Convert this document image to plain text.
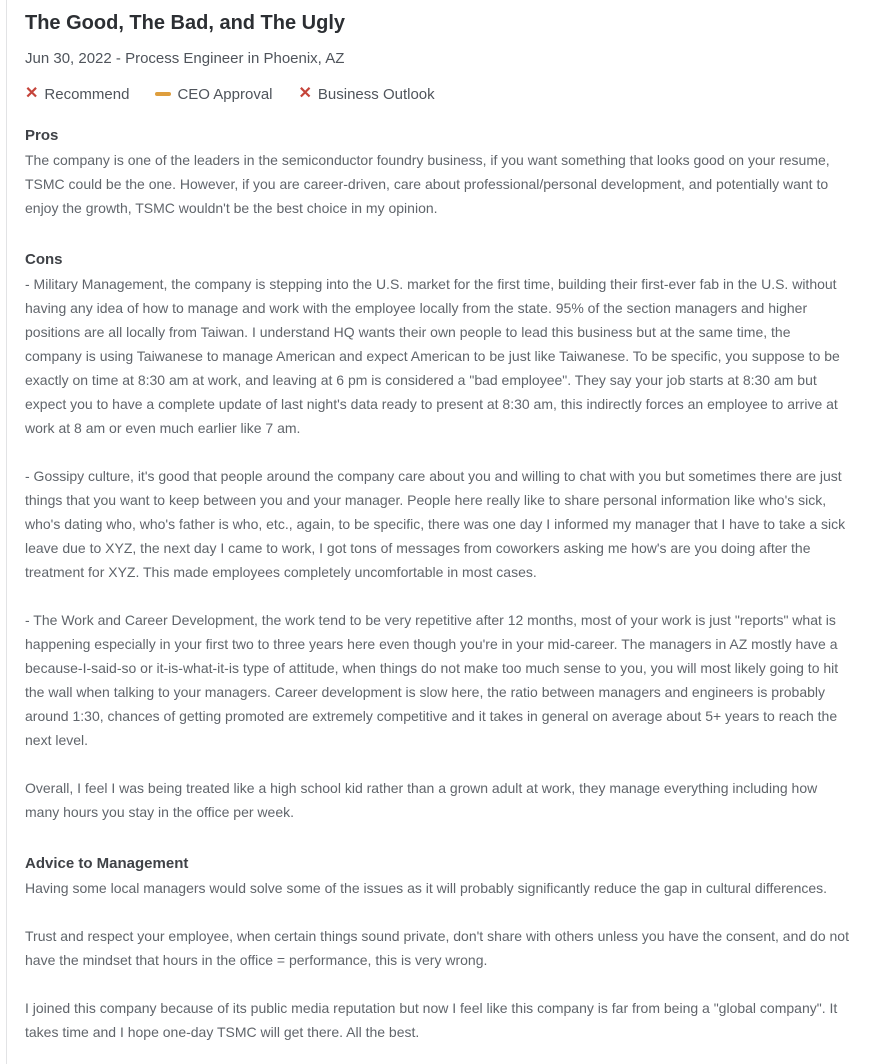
The Good, The Bad, and The Ugly
Jun 30, 2022 - Process Engineer in Phoenix, AZ
✕ Recommend	CEO Approval ✕ Business Outlook
Pros

The company is one of the leaders in the semiconductor foundry business, if you want something that looks good on your resume, TSMC could be the one. However, if you are career-driven, care about professional/personal development, and potentially want to enjoy the growth, TSMC wouldn't be the best choice in my opinion.

Cons

- Military Management, the company is stepping into the U.S. market for the first time, building their first-ever fab in the U.S. without having any idea of how to manage and work with the employee locally from the state. 95% of the section managers and higher positions are all locally from Taiwan. I understand HQ wants their own people to lead this business but at the same time, the company is using Taiwanese to manage American and expect American to be just like Taiwanese. To be specific, you suppose to be exactly on time at 8:30 am at work, and leaving at 6 pm is considered a "bad employee". They say your job starts at 8:30 am but expect you to have a complete update of last night's data ready to present at 8:30 am, this indirectly forces an employee to arrive at work at 8 am or even much earlier like 7 am.

- Gossipy culture, it's good that people around the company care about you and willing to chat with you but sometimes there are just things that you want to keep between you and your manager. People here really like to share personal information like who's sick, who's dating who, who's father is who, etc., again, to be specific, there was one day I informed my manager that I have to take a sick leave due to XYZ, the next day I came to work, I got tons of messages from coworkers asking me how's are you doing after the treatment for XYZ. This made employees completely uncomfortable in most cases.

- The Work and Career Development, the work tend to be very repetitive after 12 months, most of your work is just "reports" what is happening especially in your first two to three years here even though you're in your mid-career. The managers in AZ mostly have a because-I-said-so or it-is-what-it-is type of attitude, when things do not make too much sense to you, you will most likely going to hit the wall when talking to your managers. Career development is slow here, the ratio between managers and engineers is probably around 1:30, chances of getting promoted are extremely competitive and it takes in general on average about 5+ years to reach the next level.

Overall, I feel I was being treated like a high school kid rather than a grown adult at work, they manage everything including how many hours you stay in the office per week.

Advice to Management

Having some local managers would solve some of the issues as it will probably significantly reduce the gap in cultural differences.

Trust and respect your employee, when certain things sound private, don't share with others unless you have the consent, and do not have the mindset that hours in the office = performance, this is very wrong.

I joined this company because of its public media reputation but now I feel like this company is far from being a "global company". It takes time and I hope one-day TSMC will get there. All the best.
